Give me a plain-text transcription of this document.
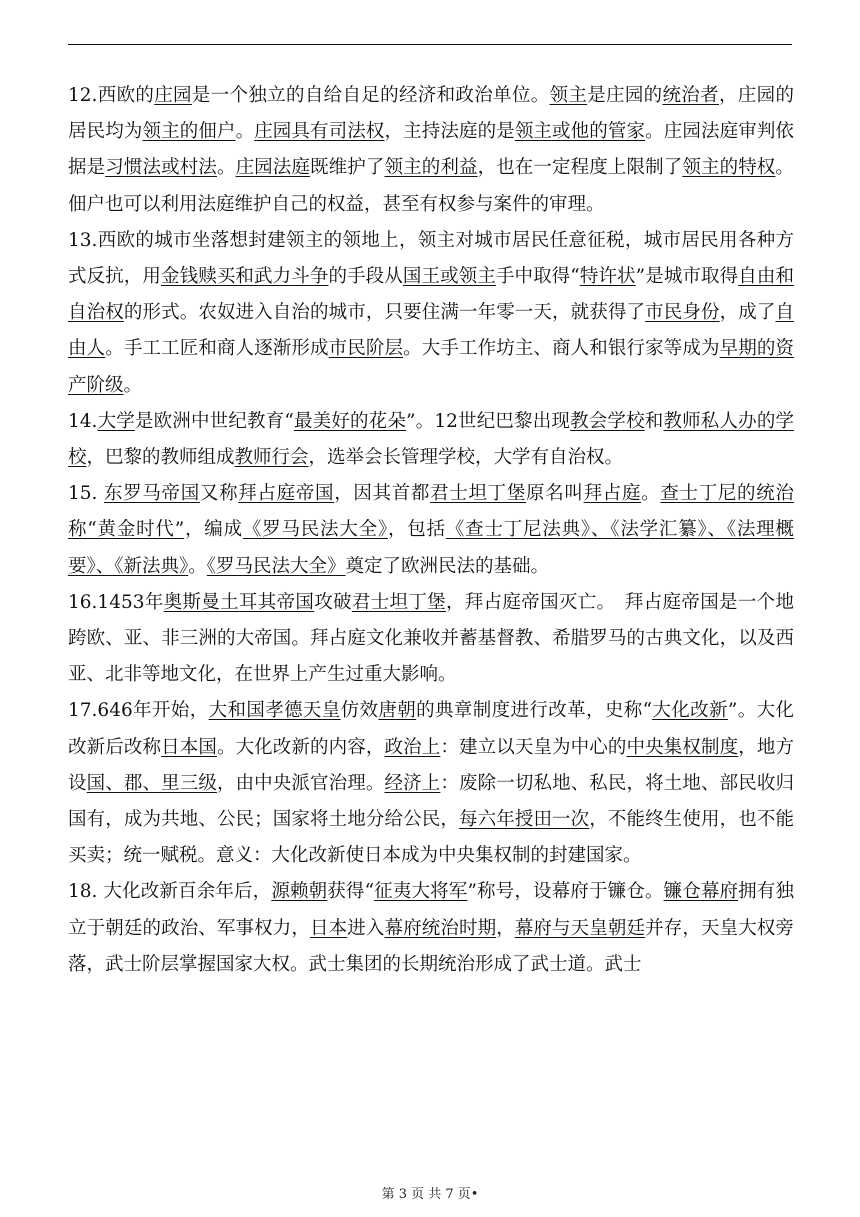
12.西欧的庄园是一个独立的自给自足的经济和政治单位。领主是庄园的统治者，庄园的居民均为领主的佃户。庄园具有司法权，主持法庭的是领主或他的管家。庄园法庭审判依据是习惯法或村法。庄园法庭既维护了领主的利益，也在一定程度上限制了领主的特权。佃户也可以利用法庭维护自己的权益，甚至有权参与案件的审理。

13.西欧的城市坐落想封建领主的领地上，领主对城市居民任意征税，城市居民用各种方式反抗，用金钱赎买和武力斗争的手段从国王或领主手中取得“特许状”是城市取得自由和自治权的形式。农奴进入自治的城市，只要住满一年零一天，就获得了市民身份，成了自由人。手工工匠和商人逐渐形成市民阶层。大手工作坊主、商人和银行家等成为早期的资产阶级。

14.大学是欧洲中世纪教育“最美好的花朵”。12世纪巴黎出现教会学校和教师私人办的学校，巴黎的教师组成教师行会，选举会长管理学校，大学有自治权。

15. 东罗马帝国又称拜占庭帝国，因其首都君士坦丁堡原名叫拜占庭。查士丁尼的统治称“黄金时代”，编成《罗马民法大全》，包括《查士丁尼法典》、《法学汇纂》、《法理概要》、《新法典》。《罗马民法大全》奠定了欧洲民法的基础。

16.1453年奥斯曼土耳其帝国攻破君士坦丁堡，拜占庭帝国灭亡。　拜占庭帝国是一个地跨欧、亚、非三洲的大帝国。拜占庭文化兼收并蓄基督教、希腊罗马的古典文化，以及西亚、北非等地文化，在世界上产生过重大影响。

17.646年开始，大和国孝德天皇仿效唐朝的典章制度进行改革，史称“大化改新”。大化改新后改称日本国。大化改新的内容，政治上：建立以天皇为中心的中央集权制度，地方设国、郡、里三级，由中央派官治理。经济上：废除一切私地、私民，将土地、部民收归国有，成为共地、公民；国家将土地分给公民，每六年授田一次，不能终生使用，也不能买卖；统一赋税。意义：大化改新使日本成为中央集权制的封建国家。

18. 大化改新百余年后，源赖朝获得“征夷大将军”称号，设幕府于镰仓。镰仓幕府拥有独立于朝廷的政治、军事权力，日本进入幕府统治时期，幕府与天皇朝廷并存，天皇大权旁落，武士阶层掌握国家大权。武士集团的长期统治形成了武士道。武士

第 3 页 共 7 页•
